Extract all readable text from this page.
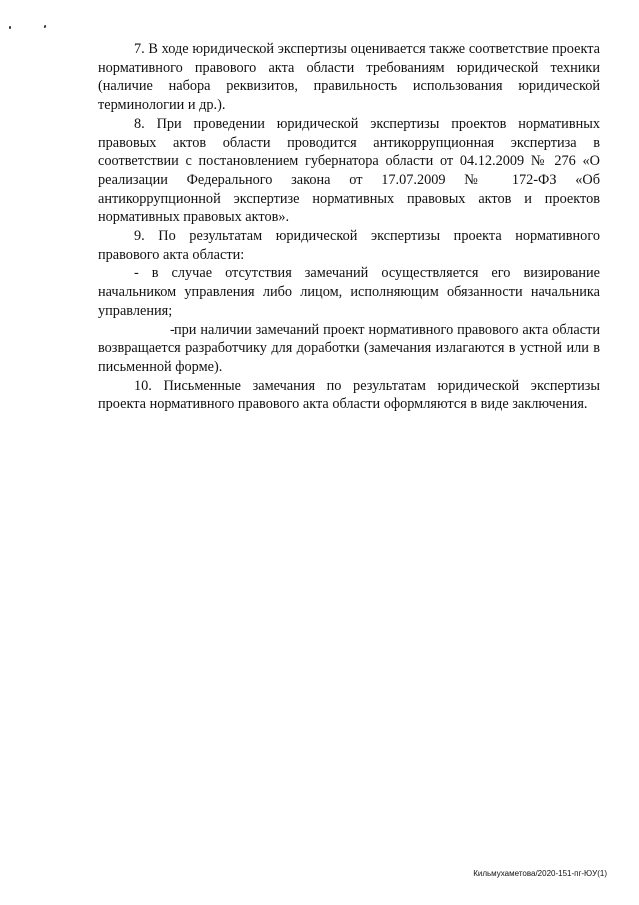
7. В ходе юридической экспертизы оценивается также соответствие проекта нормативного правового акта области требованиям юридической техники (наличие набора реквизитов, правильность использования юридической терминологии и др.).

8. При проведении юридической экспертизы проектов нормативных правовых актов области проводится антикоррупционная экспертиза в соответствии с постановлением губернатора области от 04.12.2009 № 276 «О реализации Федерального закона от 17.07.2009 № 172-ФЗ «Об антикоррупционной экспертизе нормативных правовых актов и проектов нормативных правовых актов».

9. По результатам юридической экспертизы проекта нормативного правового акта области:

- в случае отсутствия замечаний осуществляется его визирование начальником управления либо лицом, исполняющим обязанности начальника управления;

-при наличии замечаний проект нормативного правового акта области возвращается разработчику для доработки (замечания излагаются в устной или в письменной форме).

10. Письменные замечания по результатам юридической экспертизы проекта нормативного правового акта области оформляются в виде заключения.

Кильмухаметова/2020-151-пг-ЮУ(1)
